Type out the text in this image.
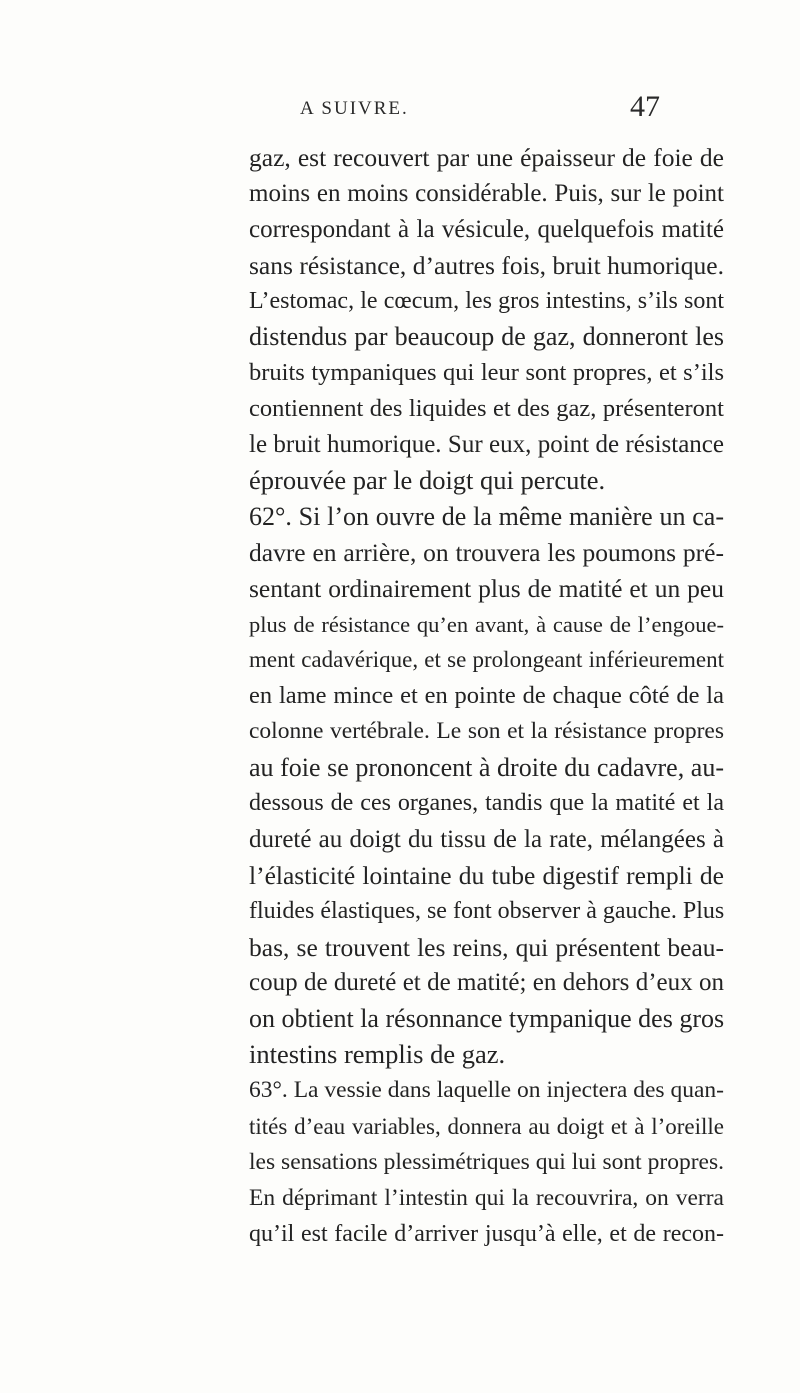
A SUIVRE.	47
gaz, est recouvert par une épaisseur de foie de
moins en moins considérable. Puis, sur le point
correspondant à la vésicule, quelquefois matité
sans résistance, d’autres fois, bruit humorique.
L’estomac, le cœcum, les gros intestins, s’ils sont
distendus par beaucoup de gaz, donneront les
bruits tympaniques qui leur sont propres, et s’ils
contiennent des liquides et des gaz, présenteront
le bruit humorique. Sur eux, point de résistance
éprouvée par le doigt qui percute.
62°. Si l’on ouvre de la même manière un ca-
davre en arrière, on trouvera les poumons pré-
sentant ordinairement plus de matité et un peu
plus de résistance qu’en avant, à cause de l’engoue-
ment cadavérique, et se prolongeant inférieurement
en lame mince et en pointe de chaque côté de la
colonne vertébrale. Le son et la résistance propres
au foie se prononcent à droite du cadavre, au-
dessous de ces organes, tandis que la matité et la
dureté au doigt du tissu de la rate, mélangées à
l’élasticité lointaine du tube digestif rempli de
fluides élastiques, se font observer à gauche. Plus
bas, se trouvent les reins, qui présentent beau-
coup de dureté et de matité; en dehors d’eux on
on obtient la résonnance tympanique des gros
intestins remplis de gaz.
63°. La vessie dans laquelle on injectera des quan-
tités d’eau variables, donnera au doigt et à l’oreille
les sensations plessimétriques qui lui sont propres.
En déprimant l’intestin qui la recouvrira, on verra
qu’il est facile d’arriver jusqu’à elle, et de recon-
